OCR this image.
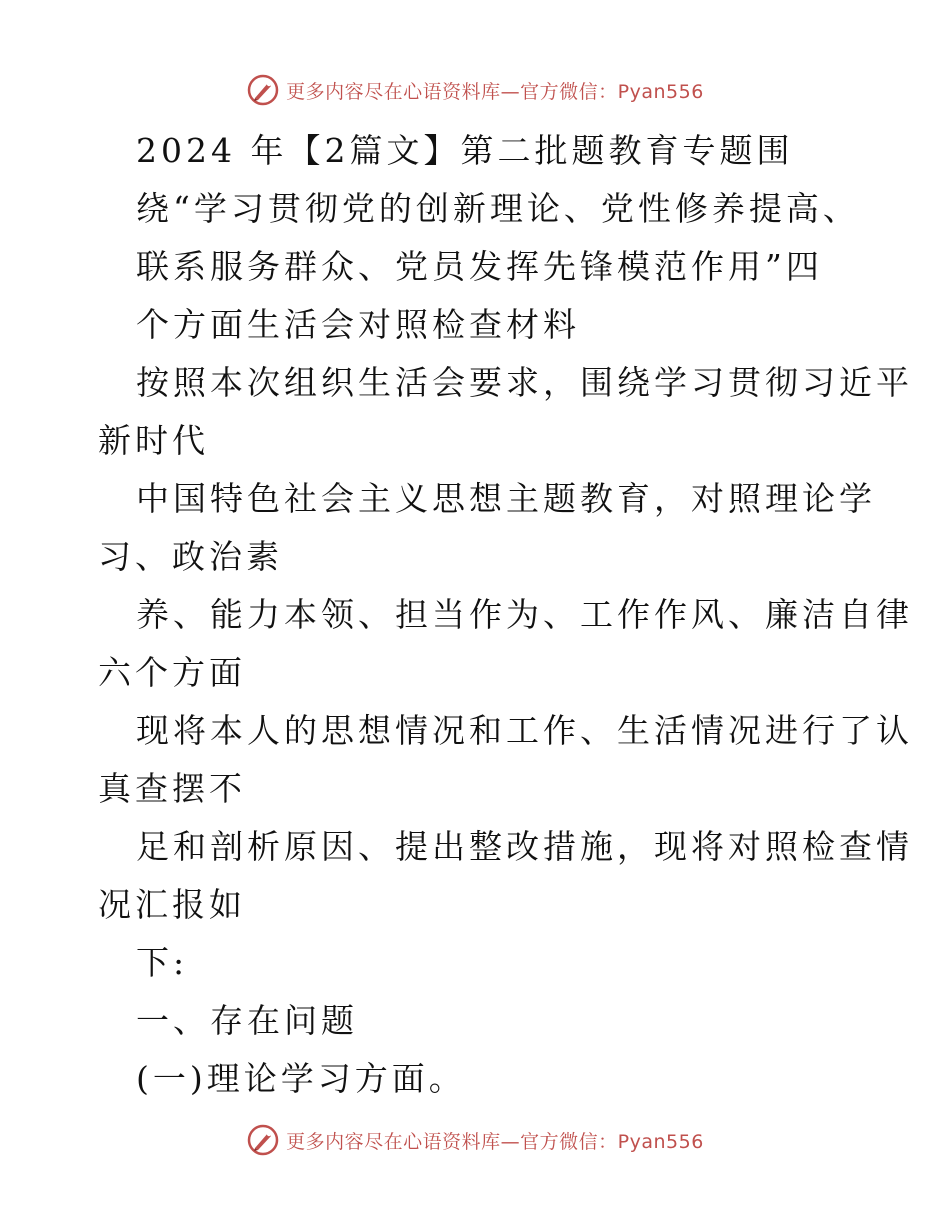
更多内容尽在心语资料库—官方微信：Pyan556
2024 年【2篇文】第二批题教育专题围
绕“学习贯彻党的创新理论、党性修养提高、
联系服务群众、党员发挥先锋模范作用”四
个方面生活会对照检查材料
按照本次组织生活会要求，围绕学习贯彻习近平
新时代
中国特色社会主义思想主题教育，对照理论学
习、政治素
养、能力本领、担当作为、工作作风、廉洁自律
六个方面
现将本人的思想情况和工作、生活情况进行了认
真查摆不
足和剖析原因、提出整改措施，现将对照检查情
况汇报如
下:
一、存在问题
(一)理论学习方面。
更多内容尽在心语资料库—官方微信：Pyan556
